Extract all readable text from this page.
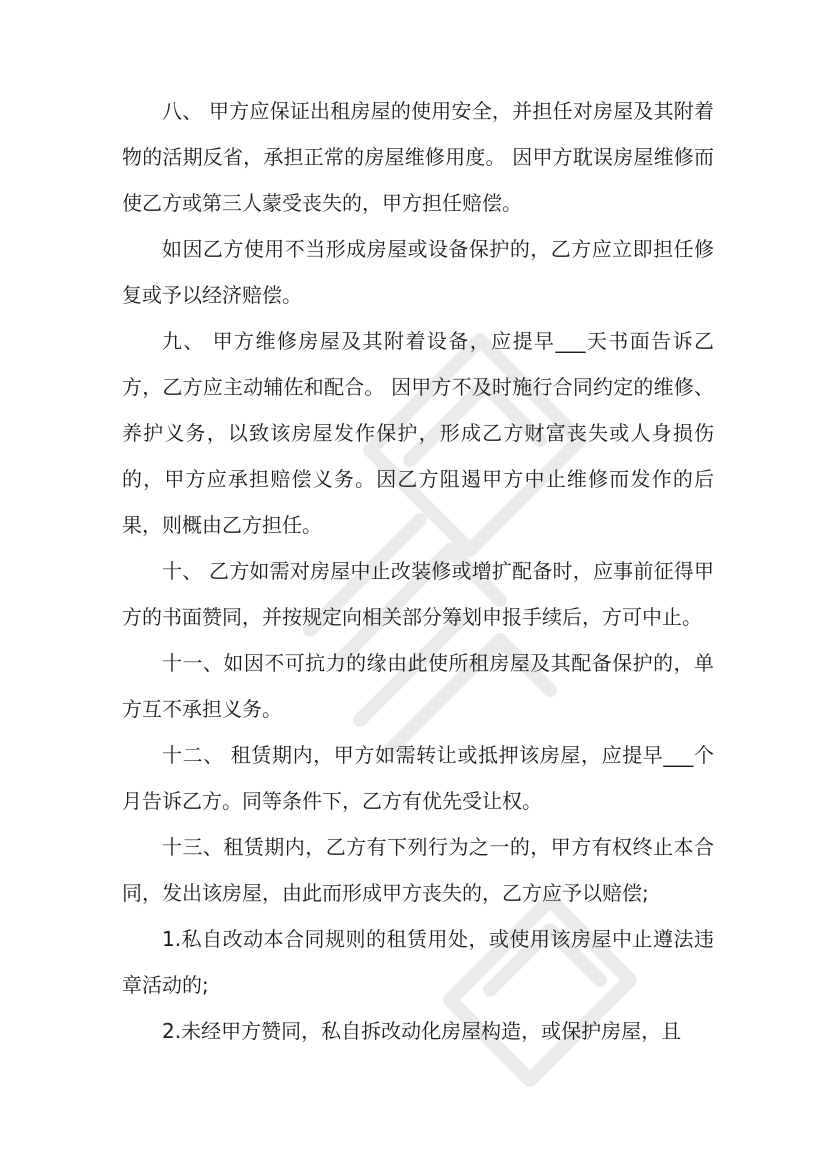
八、 甲方应保证出租房屋的使用安全，并担任对房屋及其附着物的活期反省，承担正常的房屋维修用度。 因甲方耽误房屋维修而使乙方或第三人蒙受丧失的，甲方担任赔偿。

如因乙方使用不当形成房屋或设备保护的，乙方应立即担任修复或予以经济赔偿。

九、 甲方维修房屋及其附着设备，应提早___天书面告诉乙方，乙方应主动辅佐和配合。 因甲方不及时施行合同约定的维修、 养护义务，以致该房屋发作保护，形成乙方财富丧失或人身损伤的，甲方应承担赔偿义务。因乙方阻遏甲方中止维修而发作的后果，则概由乙方担任。

十、 乙方如需对房屋中止改装修或增扩配备时，应事前征得甲方的书面赞同，并按规定向相关部分筹划申报手续后，方可中止。

十一、如因不可抗力的缘由此使所租房屋及其配备保护的，单方互不承担义务。

十二、 租赁期内，甲方如需转让或抵押该房屋，应提早___个月告诉乙方。同等条件下，乙方有优先受让权。

十三、租赁期内，乙方有下列行为之一的，甲方有权终止本合同，发出该房屋，由此而形成甲方丧失的，乙方应予以赔偿;

1.私自改动本合同规则的租赁用处，或使用该房屋中止遵法违章活动的;

2.未经甲方赞同，私自拆改动化房屋构造，或保护房屋，且
